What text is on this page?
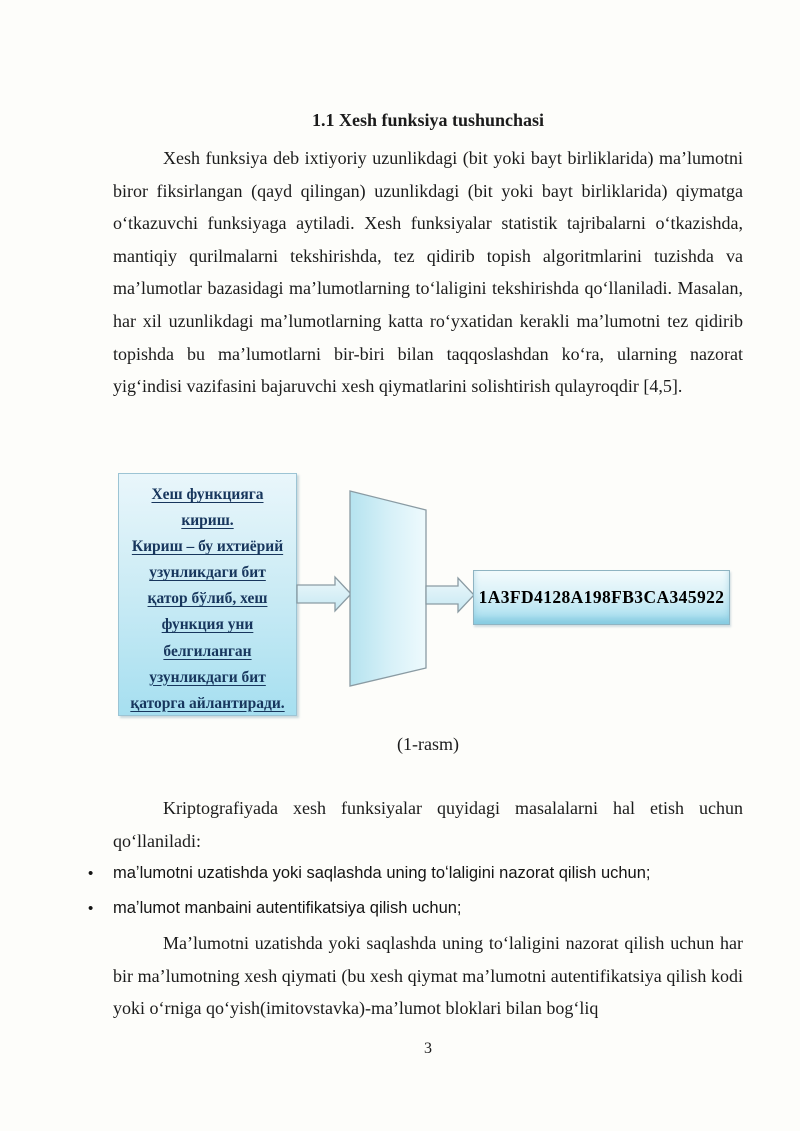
1.1 Xesh funksiya tushunchasi
Xesh funksiya deb ixtiyoriy uzunlikdagi (bit yoki bayt birliklarida) maʼlumotni biror fiksirlangan (qayd qilingan) uzunlikdagi (bit yoki bayt birliklarida) qiymatga oʻtkazuvchi funksiyaga aytiladi. Xesh funksiyalar statistik tajribalarni oʻtkazishda, mantiqiy qurilmalarni tekshirishda, tez qidirib topish algoritmlarini tuzishda va maʼlumotlar bazasidagi maʼlumotlarning toʻlaligini tekshirishda qoʻllaniladi. Masalan, har xil uzunlikdagi maʼlumotlarning katta roʻyxatidan kerakli maʼlumotni tez qidirib topishda bu maʼlumotlarni bir-biri bilan taqqoslashdan koʻra, ularning nazorat yigʻindisi vazifasini bajaruvchi xesh qiymatlarini solishtirish qulayroqdir [4,5].
Хеш функцияга
кириш.
Кириш – бу ихтиёрий
узунликдаги бит
қатор бўлиб, хеш
функция уни
белгиланган
узунликдаги бит
қаторга айлантиради.
1A3FD4128A198FB3CA345922
(1-rasm)
Kriptografiyada xesh funksiyalar quyidagi masalalarni hal etish uchun qoʻllaniladi:
• maʼlumotni uzatishda yoki saqlashda uning toʻlaligini nazorat qilish uchun;
• maʼlumot manbaini autentifikatsiya qilish uchun;
Maʼlumotni uzatishda yoki saqlashda uning toʻlaligini nazorat qilish uchun har bir maʼlumotning xesh qiymati (bu xesh qiymat maʼlumotni autentifikatsiya qilish kodi yoki oʻrniga qoʻyish(imitovstavka)-maʼlumot bloklari bilan bogʻliq
3
